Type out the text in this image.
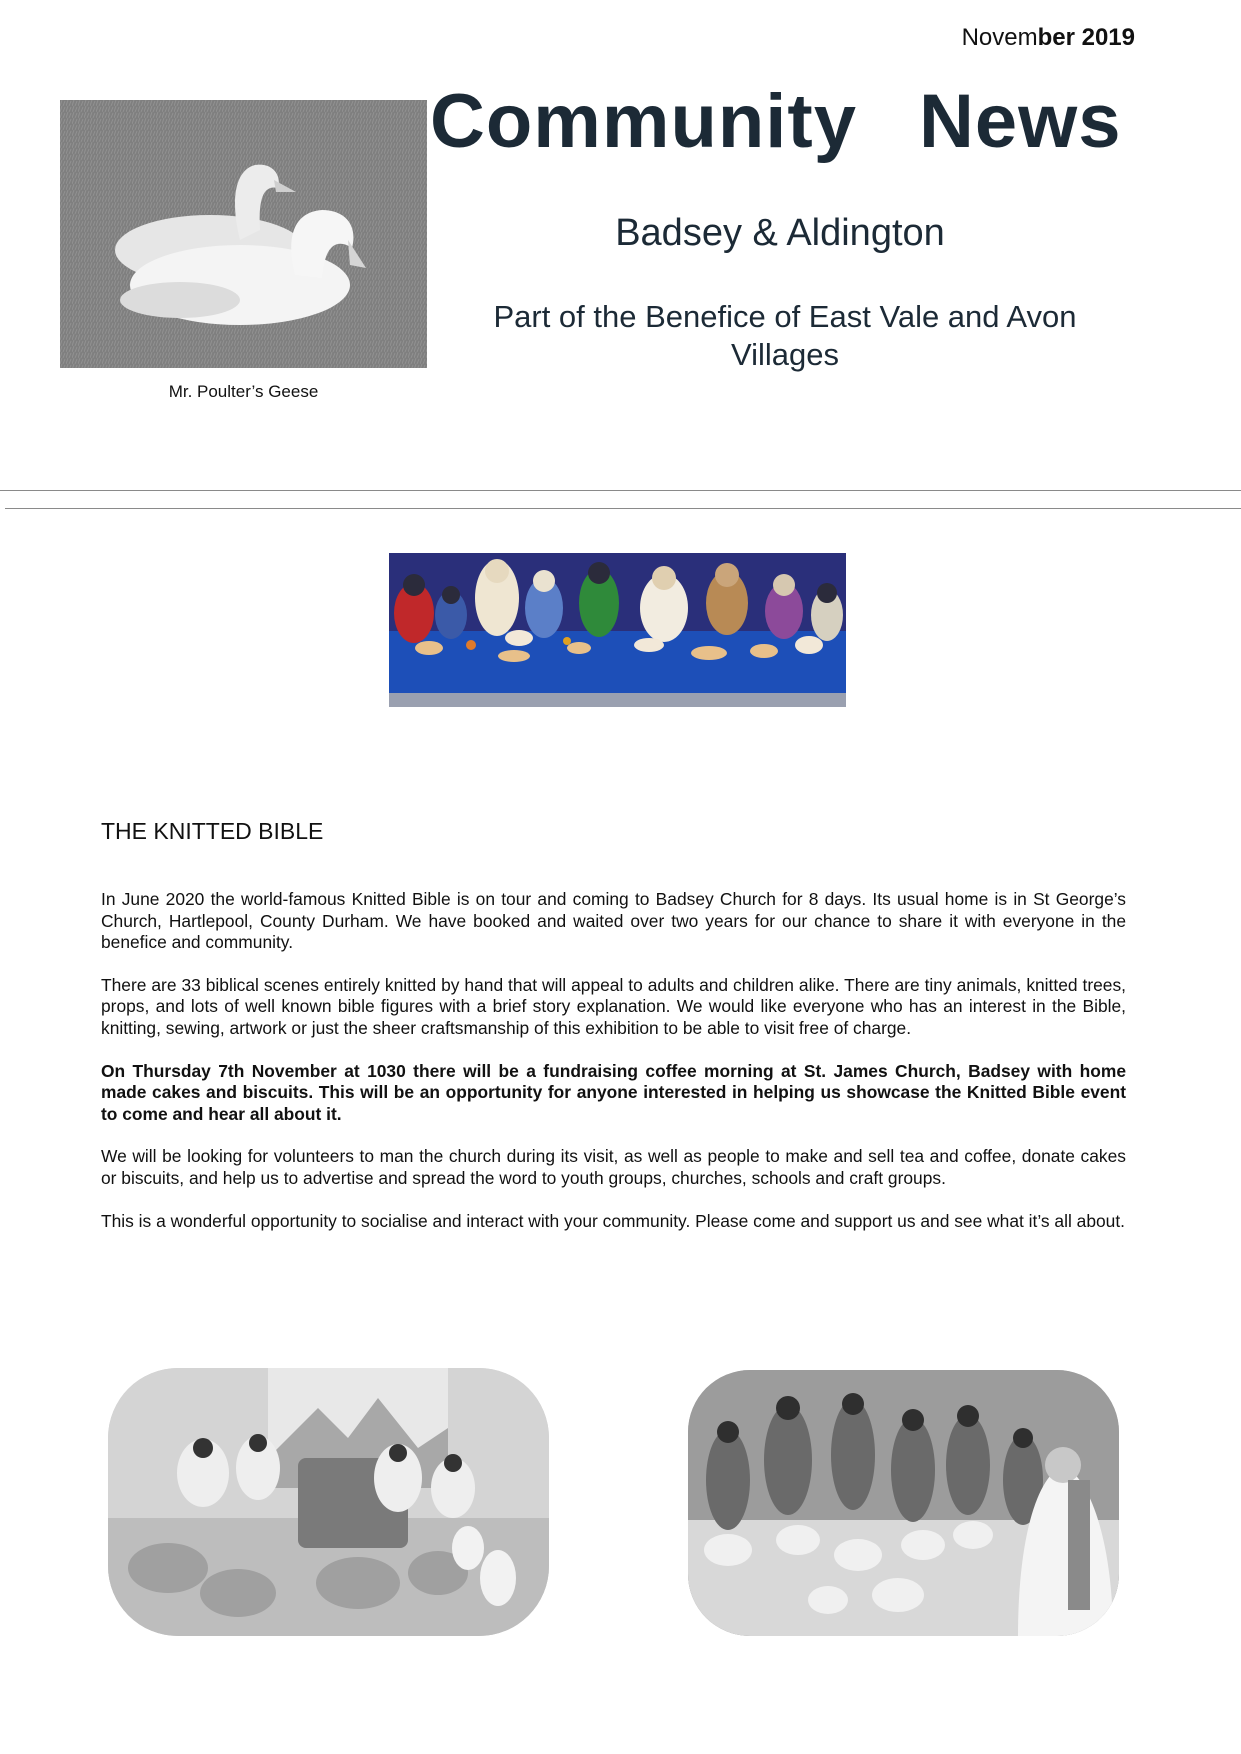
November 2019
Mr. Poulter’s Geese
Community News
Badsey & Aldington
Part of the Benefice of East Vale and Avon Villages
THE KNITTED BIBLE

In June 2020 the world-famous Knitted Bible is on tour and coming to Badsey Church for 8 days. Its usual home is in St George’s Church, Hartlepool, County Durham. We have booked and waited over two years for our chance to share it with everyone in the benefice and community.

There are 33 biblical scenes entirely knitted by hand that will appeal to adults and children alike. There are tiny animals, knitted trees, props, and lots of well known bible figures with a brief story explanation. We would like everyone who has an interest in the Bible, knitting, sewing, artwork or just the sheer craftsmanship of this exhibition to be able to visit free of charge.

On Thursday 7th November at 1030 there will be a fundraising coffee morning at St. James Church, Badsey with home made cakes and biscuits. This will be an opportunity for anyone interested in helping us showcase the Knitted Bible event to come and hear all about it.

We will be looking for volunteers to man the church during its visit, as well as people to make and sell tea and coffee, donate cakes or biscuits, and help us to advertise and spread the word to youth groups, churches, schools and craft groups.

This is a wonderful opportunity to socialise and interact with your community. Please come and support us and see what it’s all about.
